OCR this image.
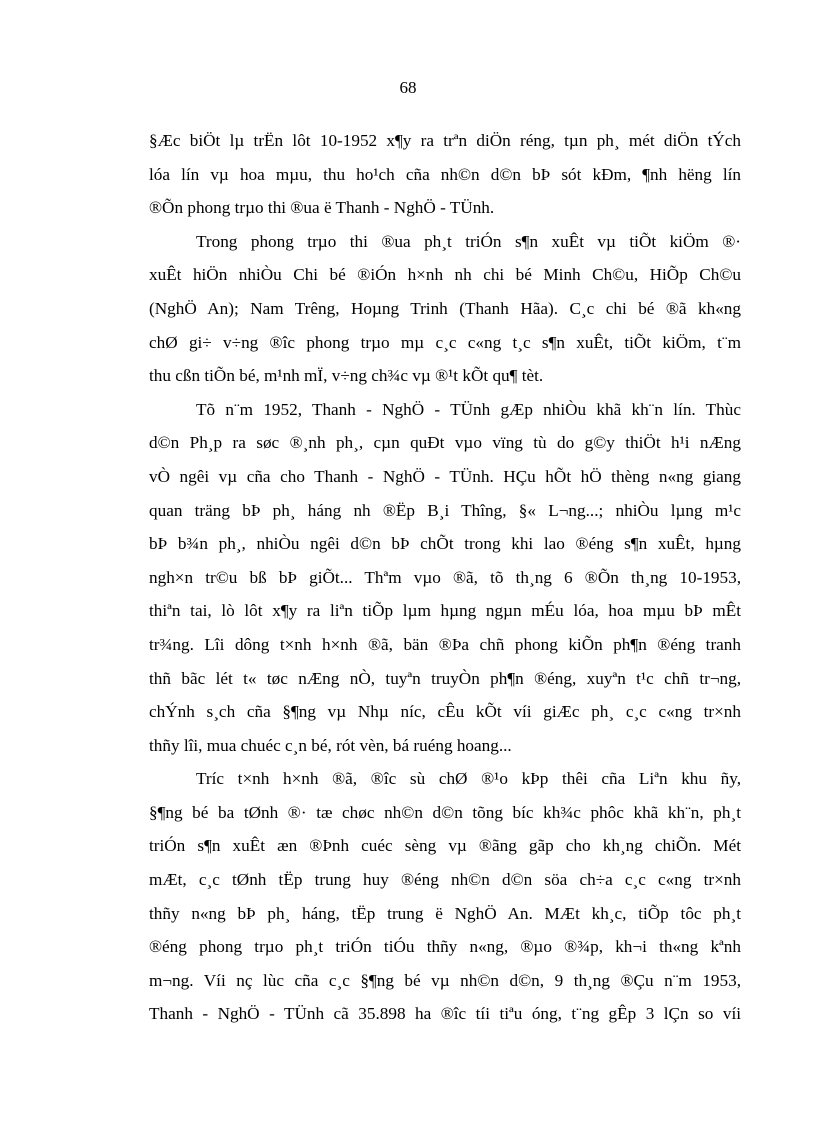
68
§Æc biÖt lµ trËn lôt 10-1952 x¶y ra trªn diÖn réng, tµn ph¸ mét diÖn tÝch
lóa lín vµ hoa mµu, thu ho¹ch cña nh©n d©n bÞ sót kÐm, ¶nh hëng lín
®Õn phong trµo thi ®ua ë Thanh - NghÖ - TÜnh.
Trong phong trµo thi ®ua ph¸t triÓn s¶n xuÊt vµ tiÕt kiÖm ®·
xuÊt hiÖn nhiÒu Chi bé ®iÓn h×nh nh chi bé Minh Ch©u, HiÕp Ch©u
(NghÖ An); Nam Trêng, Hoµng Trinh (Thanh Hãa). C¸c chi bé ®ã kh«ng
chØ gi÷ v÷ng ®îc phong trµo mµ c¸c c«ng t¸c s¶n xuÊt, tiÕt kiÖm, t¨m
thu cßn tiÕn bé, m¹nh mÏ, v÷ng ch¾c vµ ®¹t kÕt qu¶ tèt.
Tõ n¨m 1952, Thanh - NghÖ - TÜnh gÆp nhiÒu khã kh¨n lín. Thùc
d©n Ph¸p ra søc ®¸nh ph¸, cµn quÐt vµo vïng tù do g©y thiÖt h¹i nÆng
vÒ ngêi vµ cña cho Thanh - NghÖ - TÜnh. HÇu hÕt hÖ thèng n«ng giang
quan träng bÞ ph¸ háng nh ®Ëp B¸i Thîng, §« L¬ng...; nhiÒu lµng m¹c
bÞ b¾n ph¸, nhiÒu ngêi d©n bÞ chÕt trong khi lao ®éng s¶n xuÊt, hµng
ngh×n tr©u bß bÞ giÕt... Thªm vµo ®ã, tõ th¸ng 6 ®Õn th¸ng 10-1953,
thiªn tai, lò lôt x¶y ra liªn tiÕp lµm hµng ngµn mÉu lóa, hoa mµu bÞ mÊt
tr¾ng. Lîi dông t×nh h×nh ®ã, bän ®Þa chñ phong kiÕn ph¶n ®éng tranh
thñ bãc lét t« tøc nÆng nÒ, tuyªn truyÒn ph¶n ®éng, xuyªn t¹c chñ tr¬ng,
chÝnh s¸ch cña §¶ng vµ Nhµ níc, cÊu kÕt víi giÆc ph¸ c¸c c«ng tr×nh
thñy lîi, mua chuéc c¸n bé, rót vèn, bá ruéng hoang...
Tríc t×nh h×nh ®ã, ®îc sù chØ ®¹o kÞp thêi cña Liªn khu ñy,
§¶ng bé ba tØnh ®· tæ chøc nh©n d©n tõng bíc kh¾c phôc khã kh¨n, ph¸t
triÓn s¶n xuÊt æn ®Þnh cuéc sèng vµ ®ãng gãp cho kh¸ng chiÕn. Mét
mÆt, c¸c tØnh tËp trung huy ®éng nh©n d©n söa ch÷a c¸c c«ng tr×nh
thñy n«ng bÞ ph¸ háng, tËp trung ë NghÖ An. MÆt kh¸c, tiÕp tôc ph¸t
®éng phong trµo ph¸t triÓn tiÓu thñy n«ng, ®µo ®¾p, kh¬i th«ng kªnh
m¬ng. Víi nç lùc cña c¸c §¶ng bé vµ nh©n d©n, 9 th¸ng ®Çu n¨m 1953,
Thanh - NghÖ - TÜnh cã 35.898 ha ®îc tíi tiªu óng, t¨ng gÊp 3 lÇn so víi
